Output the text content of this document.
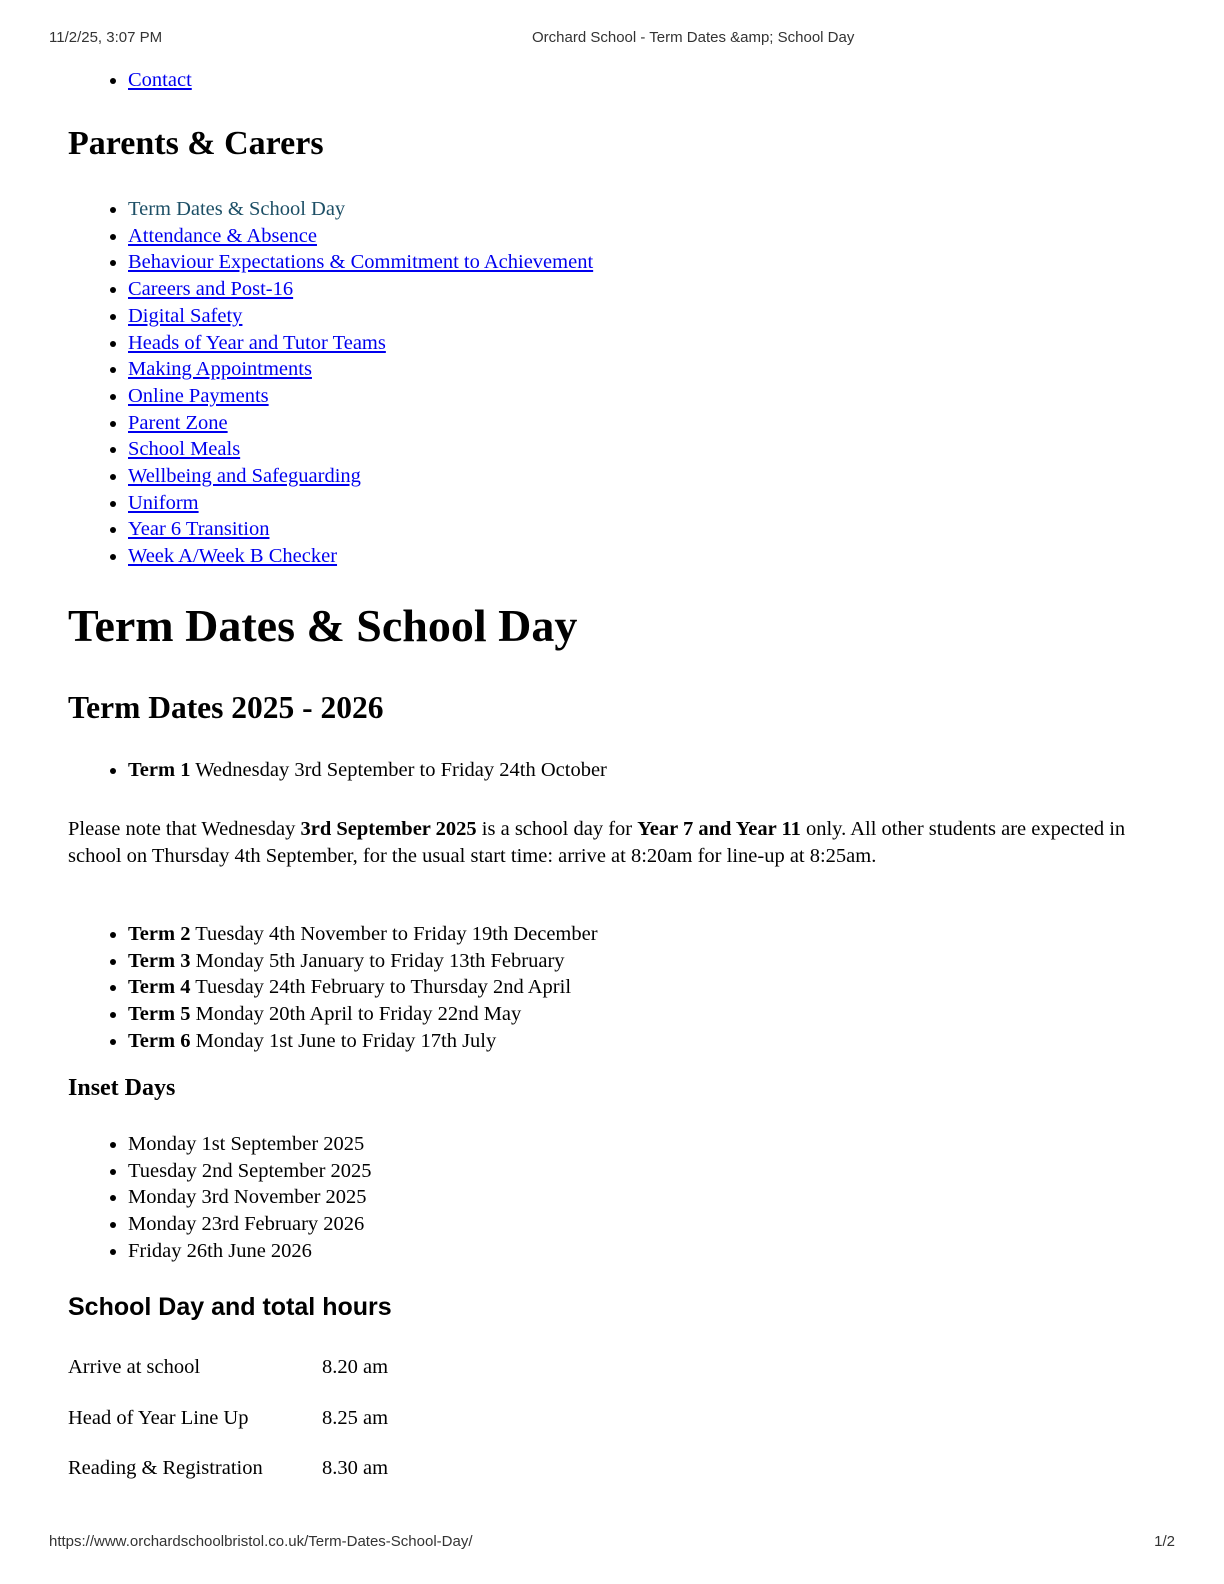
11/2/25, 3:07 PM	Orchard School - Term Dates &amp; School Day
• Contact
Parents & Carers
• Term Dates & School Day
• Attendance & Absence
• Behaviour Expectations & Commitment to Achievement
• Careers and Post-16
• Digital Safety
• Heads of Year and Tutor Teams
• Making Appointments
• Online Payments
• Parent Zone
• School Meals
• Wellbeing and Safeguarding
• Uniform
• Year 6 Transition
• Week A/Week B Checker
Term Dates & School Day
Term Dates 2025 - 2026
• Term 1 Wednesday 3rd September to Friday 24th October

Please note that Wednesday 3rd September 2025 is a school day for Year 7 and Year 11 only. All other students are expected in school on Thursday 4th September, for the usual start time: arrive at 8:20am for line-up at 8:25am.

• Term 2 Tuesday 4th November to Friday 19th December
• Term 3 Monday 5th January to Friday 13th February
• Term 4 Tuesday 24th February to Thursday 2nd April
• Term 5 Monday 20th April to Friday 22nd May
• Term 6 Monday 1st June to Friday 17th July

Inset Days

• Monday 1st September 2025
• Tuesday 2nd September 2025
• Monday 3rd November 2025
• Monday 23rd February 2026
• Friday 26th June 2026

School Day and total hours

Arrive at school	8.20 am
Head of Year Line Up	8.25 am
Reading & Registration	8.30 am
https://www.orchardschoolbristol.co.uk/Term-Dates-School-Day/	1/2
